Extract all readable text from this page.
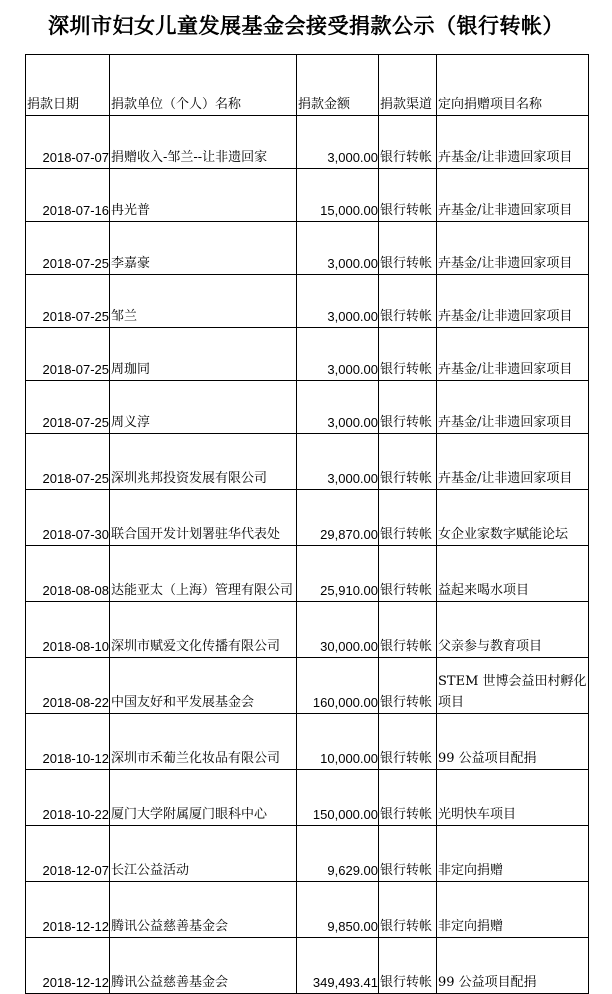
深圳市妇女儿童发展基金会接受捐款公示（银行转帐）
捐款日期	捐款单位（个人）名称	捐款金额	捐款渠道	定向捐赠项目名称
2018-07-07	捐赠收入-邹兰--让非遗回家	3,000.00	银行转帐	卉基金/让非遗回家项目
2018-07-16	冉光普	15,000.00	银行转帐	卉基金/让非遗回家项目
2018-07-25	李嘉豪	3,000.00	银行转帐	卉基金/让非遗回家项目
2018-07-25	邹兰	3,000.00	银行转帐	卉基金/让非遗回家项目
2018-07-25	周珈同	3,000.00	银行转帐	卉基金/让非遗回家项目
2018-07-25	周义淳	3,000.00	银行转帐	卉基金/让非遗回家项目
2018-07-25	深圳兆邦投资发展有限公司	3,000.00	银行转帐	卉基金/让非遗回家项目
2018-07-30	联合国开发计划署驻华代表处	29,870.00	银行转帐	女企业家数字赋能论坛
2018-08-08	达能亚太（上海）管理有限公司	25,910.00	银行转帐	益起来喝水项目
2018-08-10	深圳市赋爱文化传播有限公司	30,000.00	银行转帐	父亲参与教育项目
2018-08-22	中国友好和平发展基金会	160,000.00	银行转帐	STEM 世博会益田村孵化项目
2018-10-12	深圳市禾葡兰化妆品有限公司	10,000.00	银行转帐	99 公益项目配捐
2018-10-22	厦门大学附属厦门眼科中心	150,000.00	银行转帐	光明快车项目
2018-12-07	长江公益活动	9,629.00	银行转帐	非定向捐赠
2018-12-12	腾讯公益慈善基金会	9,850.00	银行转帐	非定向捐赠
2018-12-12	腾讯公益慈善基金会	349,493.41	银行转帐	99 公益项目配捐
